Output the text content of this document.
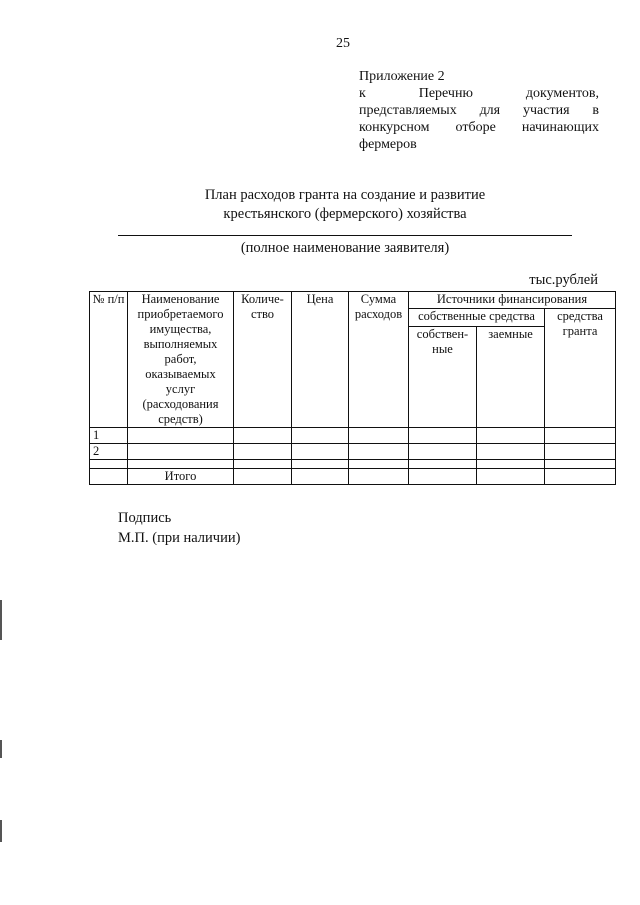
25
Приложение 2
к	Перечню	документов,
представляемых для участия в
конкурсном отборе начинающих
фермеров
План расходов гранта на создание и развитие
крестьянского (фермерского) хозяйства
(полное наименование заявителя)
тыс.рублей
№ п/п	Наименование приобретаемого имущества, выполняемых работ, оказываемых услуг (расходования средств)	Количе-ство	Цена	Сумма расходов	Источники финансирования		
					собственные средства		средства гранта
					собствен-ные	заемные	
1							
2							

	Итого						
Подпись
М.П. (при наличии)
